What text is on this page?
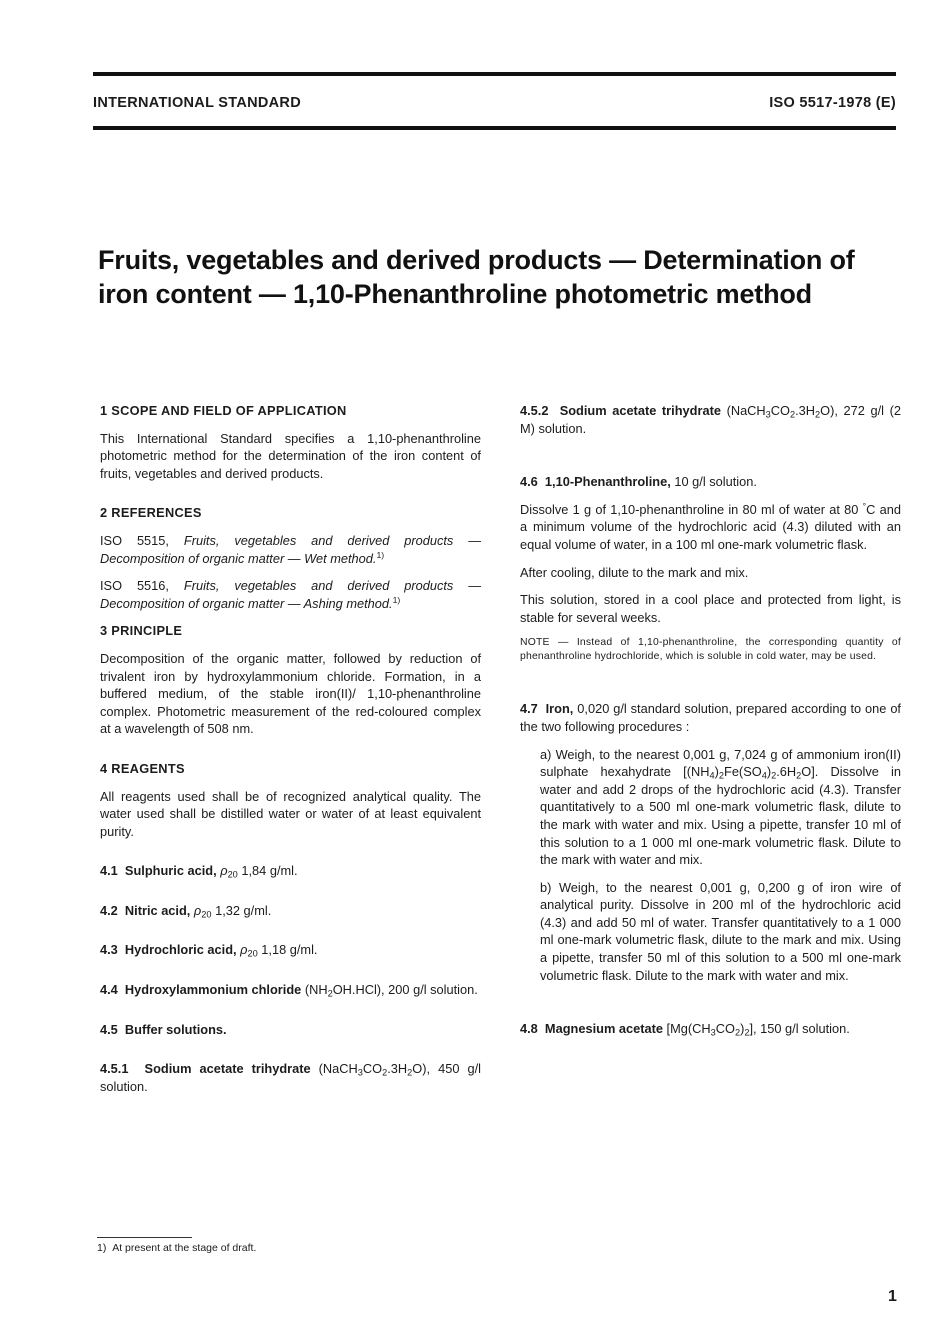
INTERNATIONAL STANDARD	ISO 5517-1978 (E)
Fruits, vegetables and derived products — Determination of
iron content — 1,10-Phenanthroline photometric method

1 SCOPE AND FIELD OF APPLICATION

This International Standard specifies a 1,10-phenanthroline photometric method for the determination of the iron content of fruits, vegetables and derived products.

2 REFERENCES

ISO 5515, Fruits, vegetables and derived products — Decomposition of organic matter — Wet method.$^{1)}$

ISO 5516, Fruits, vegetables and derived products — Decomposition of organic matter — Ashing method.$^{1)}$

3 PRINCIPLE

Decomposition of the organic matter, followed by reduction of trivalent iron by hydroxylammonium chloride. Formation, in a buffered medium, of the stable iron(II)/ 1,10-phenanthroline complex. Photometric measurement of the red-coloured complex at a wavelength of 508 nm.

4 REAGENTS

All reagents used shall be of recognized analytical quality. The water used shall be distilled water or water of at least equivalent purity.

4.1 Sulphuric acid, $\rho_{20}$ 1,84 g/ml.

4.2 Nitric acid, $\rho_{20}$ 1,32 g/ml.

4.3 Hydrochloric acid, $\rho_{20}$ 1,18 g/ml.

4.4 Hydroxylammonium chloride $(NH_2OH.HCl)$, 200 g/l solution.

4.5 Buffer solutions.

4.5.1 Sodium acetate trihydrate $(NaCH_3CO_2.3H_2O)$, 450 g/l solution.

4.5.2 Sodium acetate trihydrate $(NaCH_3CO_2.3H_2O)$, 272 g/l (2 M) solution.

4.6 1,10-Phenanthroline, 10 g/l solution.

Dissolve 1 g of 1,10-phenanthroline in 80 ml of water at 80 °C and a minimum volume of the hydrochloric acid (4.3) diluted with an equal volume of water, in a 100 ml one-mark volumetric flask.

After cooling, dilute to the mark and mix.

This solution, stored in a cool place and protected from light, is stable for several weeks.

NOTE — Instead of 1,10-phenanthroline, the corresponding quantity of phenanthroline hydrochloride, which is soluble in cold water, may be used.

4.7 Iron, 0,020 g/l standard solution, prepared according to one of the two following procedures :

a) Weigh, to the nearest 0,001 g, 7,024 g of ammonium iron(II) sulphate hexahydrate $[(NH_4)_2Fe(SO_4)_2.6H_2O]$. Dissolve in water and add 2 drops of the hydrochloric acid (4.3). Transfer quantitatively to a 500 ml one-mark volumetric flask, dilute to the mark with water and mix. Using a pipette, transfer 10 ml of this solution to a 1 000 ml one-mark volumetric flask. Dilute to the mark with water and mix.

b) Weigh, to the nearest 0,001 g, 0,200 g of iron wire of analytical purity. Dissolve in 200 ml of the hydrochloric acid (4.3) and add 50 ml of water. Transfer quantitatively to a 1 000 ml one-mark volumetric flask, dilute to the mark and mix. Using a pipette, transfer 50 ml of this solution to a 500 ml one-mark volumetric flask. Dilute to the mark with water and mix.

4.8 Magnesium acetate $[Mg(CH_3CO_2)_2]$, 150 g/l solution.

1) At present at the stage of draft.
1
